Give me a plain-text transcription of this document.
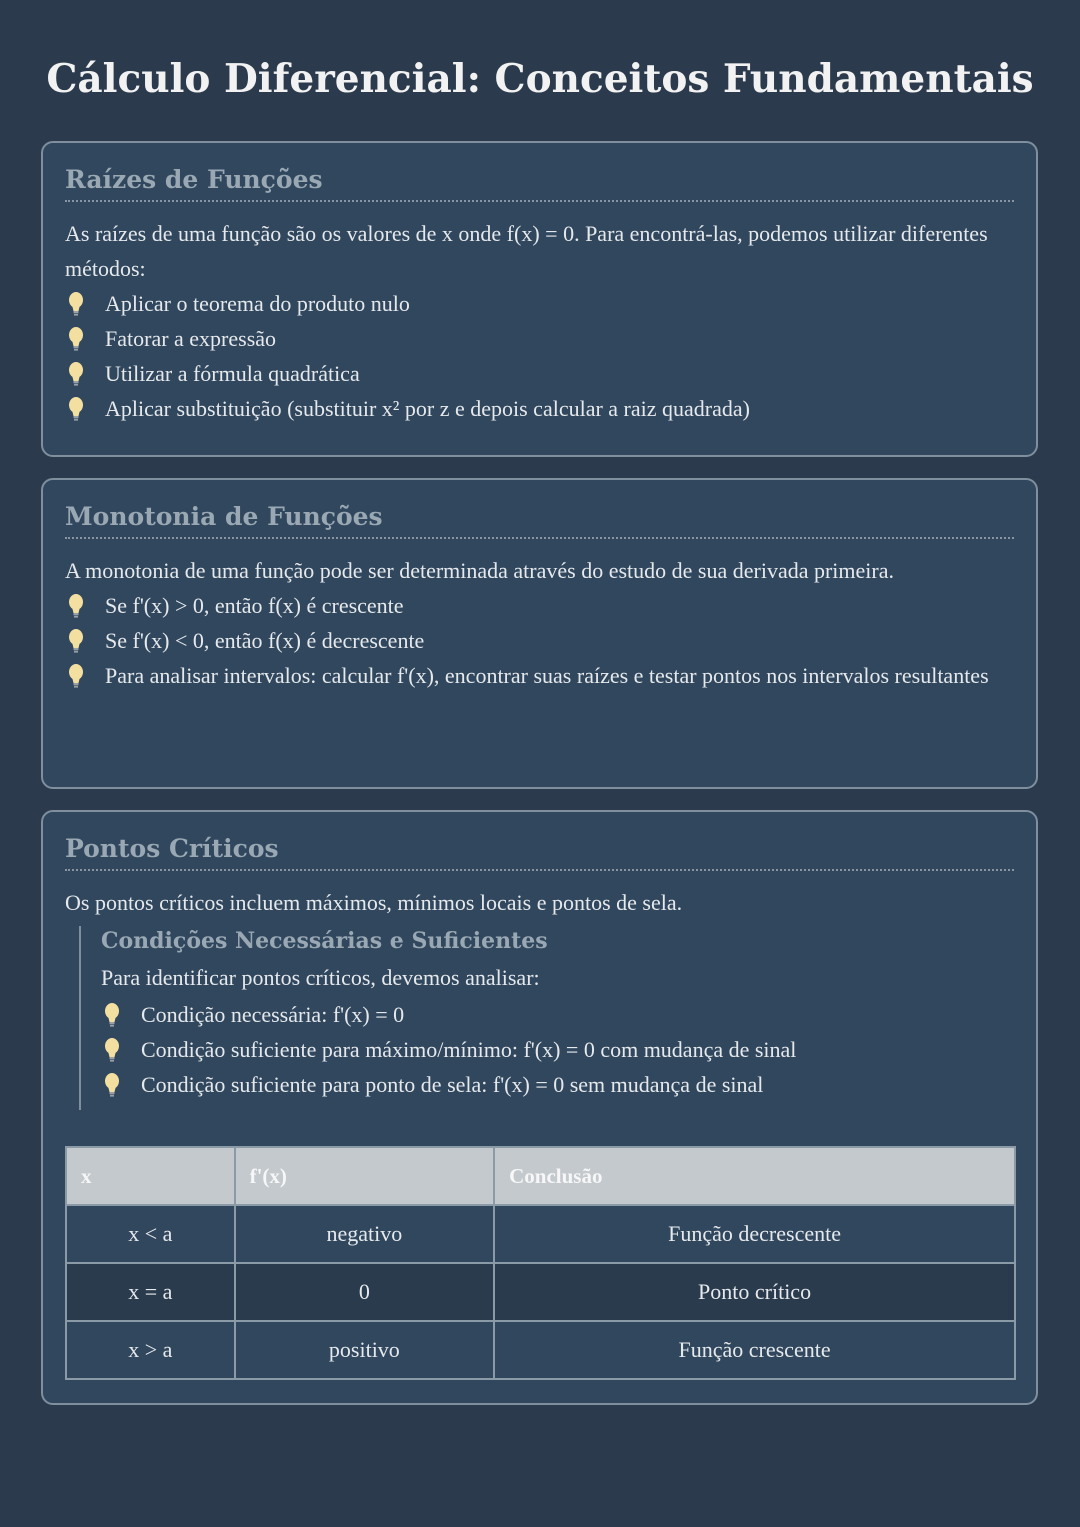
Cálculo Diferencial: Conceitos Fundamentais
Raízes de Funções

As raízes de uma função são os valores de x onde f(x) = 0. Para encontrá-las, podemos utilizar diferentes métodos:

Aplicar o teorema do produto nulo
Fatorar a expressão
Utilizar a fórmula quadrática
Aplicar substituição (substituir x² por z e depois calcular a raiz quadrada)
Monotonia de Funções

A monotonia de uma função pode ser determinada através do estudo de sua derivada primeira.

Se f'(x) > 0, então f(x) é crescente
Se f'(x) < 0, então f(x) é decrescente
Para analisar intervalos: calcular f'(x), encontrar suas raízes e testar pontos nos intervalos resultantes
Pontos Críticos

Os pontos críticos incluem máximos, mínimos locais e pontos de sela.

Condições Necessárias e Suficientes

Para identificar pontos críticos, devemos analisar:

Condição necessária: f'(x) = 0
Condição suficiente para máximo/mínimo: f'(x) = 0 com mudança de sinal
Condição suficiente para ponto de sela: f'(x) = 0 sem mudança de sinal
x	f'(x)	Conclusão
x < a	negativo	Função decrescente
x = a	0	Ponto crítico
x > a	positivo	Função crescente
